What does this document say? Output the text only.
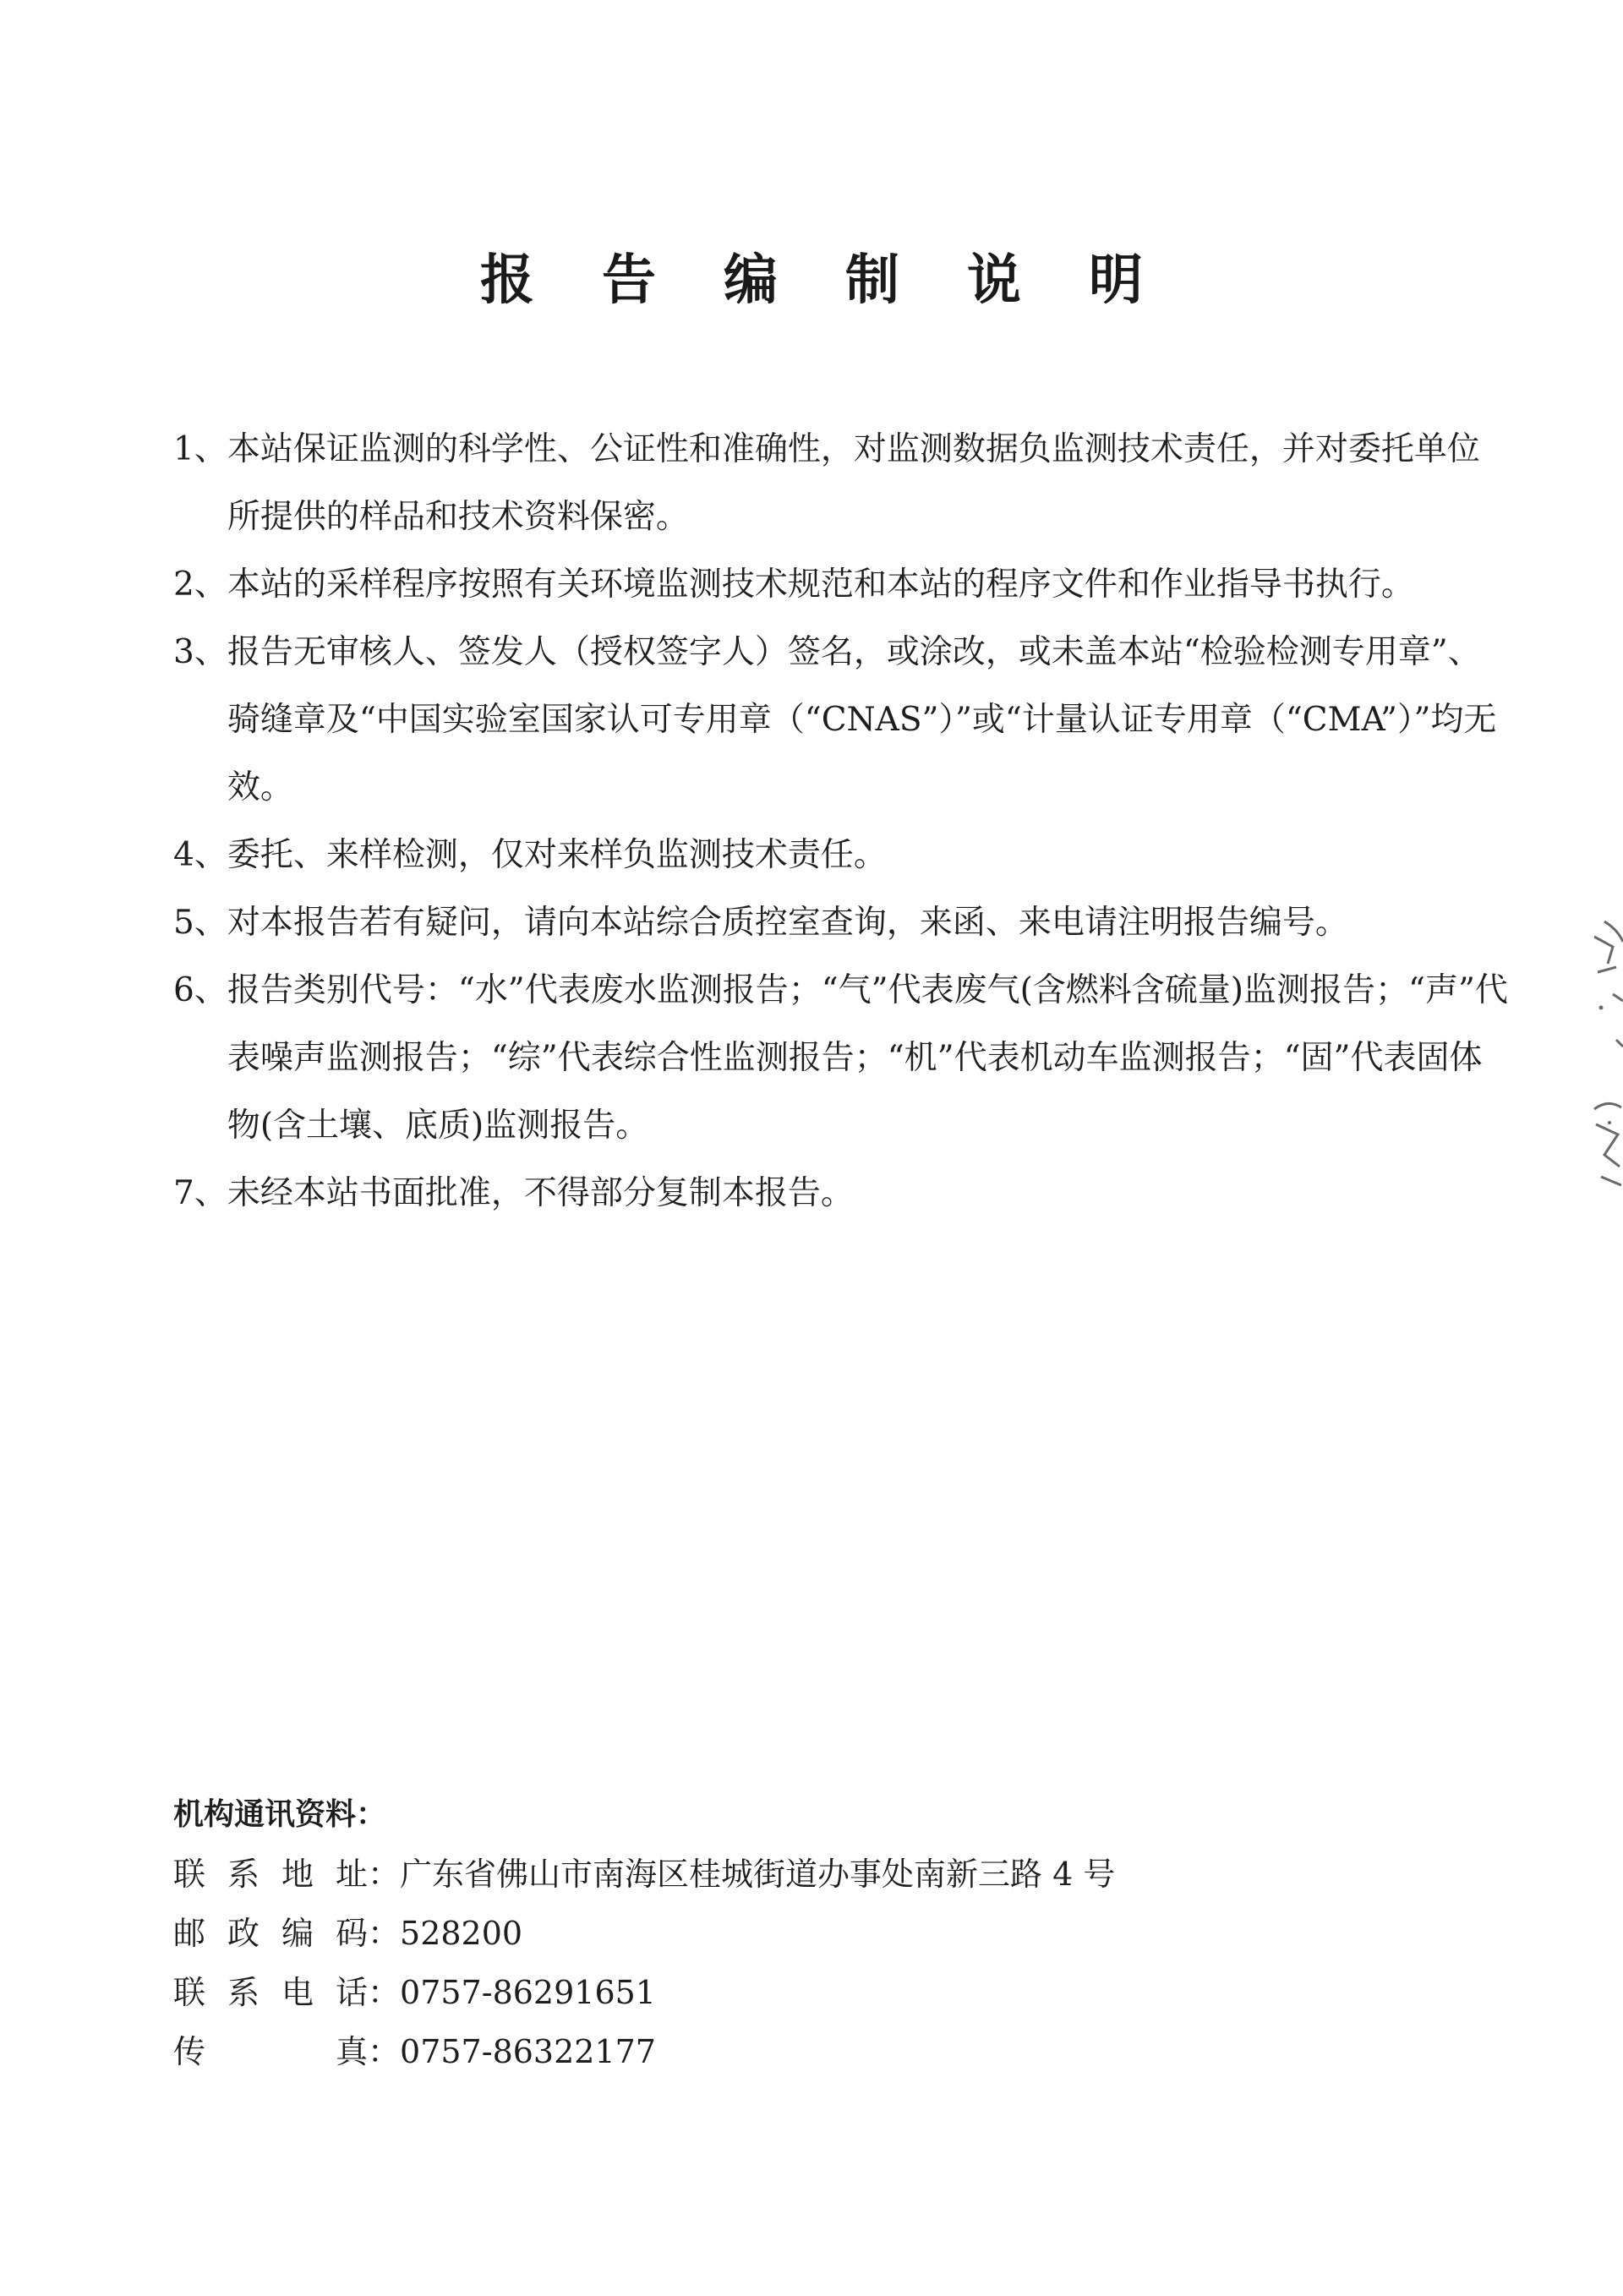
报告编制说明
1、 本站保证监测的科学性、公证性和准确性，对监测数据负监测技术责任，并对委托单位所提供的样品和技术资料保密。
2、 本站的采样程序按照有关环境监测技术规范和本站的程序文件和作业指导书执行。
3、 报告无审核人、签发人（授权签字人）签名，或涂改，或未盖本站“检验检测专用章”、骑缝章及“中国实验室国家认可专用章（“CNAS”）”或“计量认证专用章（“CMA”）”均无效。
4、 委托、来样检测，仅对来样负监测技术责任。
5、 对本报告若有疑问，请向本站综合质控室查询，来函、来电请注明报告编号。
6、 报告类别代号：“水”代表废水监测报告；“气”代表废气(含燃料含硫量)监测报告；“声”代表噪声监测报告；“综”代表综合性监测报告；“机”代表机动车监测报告；“固”代表固体物(含土壤、底质)监测报告。
7、 未经本站书面批准，不得部分复制本报告。
机构通讯资料：
联系地址 ： 广东省佛山市南海区桂城街道办事处南新三路 4 号
邮政编码 ： 528200
联系电话 ： 0757-86291651
传真 ： 0757-86322177
